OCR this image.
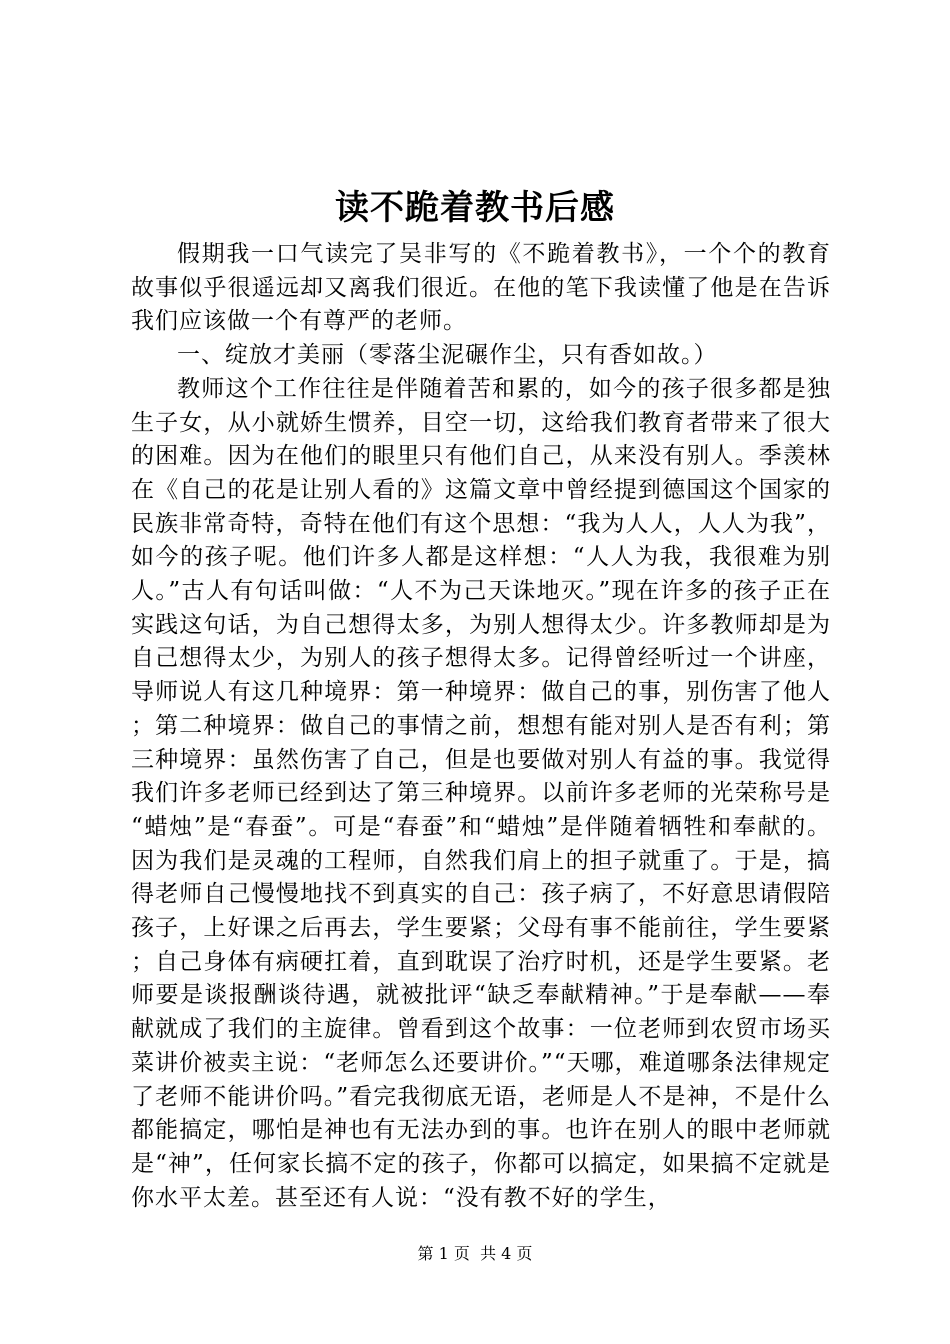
读不跪着教书后感

假期我一口气读完了吴非写的《不跪着教书》，一个个的教育故事似乎很遥远却又离我们很近。在他的笔下我读懂了他是在告诉我们应该做一个有尊严的老师。

一、绽放才美丽（零落尘泥碾作尘，只有香如故。）

教师这个工作往往是伴随着苦和累的，如今的孩子很多都是独生子女，从小就娇生惯养，目空一切，这给我们教育者带来了很大的困难。因为在他们的眼里只有他们自己，从来没有别人。季羡林在《自己的花是让别人看的》这篇文章中曾经提到德国这个国家的民族非常奇特，奇特在他们有这个思想：“我为人人，人人为我”，如今的孩子呢。他们许多人都是这样想：“人人为我，我很难为别人。”古人有句话叫做：“人不为己天诛地灭。”现在许多的孩子正在实践这句话，为自己想得太多，为别人想得太少。许多教师却是为自己想得太少，为别人的孩子想得太多。记得曾经听过一个讲座，导师说人有这几种境界：第一种境界：做自己的事，别伤害了他人；第二种境界：做自己的事情之前，想想有能对别人是否有利；第三种境界：虽然伤害了自己，但是也要做对别人有益的事。我觉得我们许多老师已经到达了第三种境界。以前许多老师的光荣称号是“蜡烛”是“春蚕”。可是“春蚕”和“蜡烛”是伴随着牺牲和奉献的。因为我们是灵魂的工程师，自然我们肩上的担子就重了。于是，搞得老师自己慢慢地找不到真实的自己：孩子病了，不好意思请假陪孩子，上好课之后再去，学生要紧；父母有事不能前往，学生要紧；自己身体有病硬扛着，直到耽误了治疗时机，还是学生要紧。老师要是谈报酬谈待遇，就被批评“缺乏奉献精神。”于是奉献——奉献就成了我们的主旋律。曾看到这个故事：一位老师到农贸市场买菜讲价被卖主说：“老师怎么还要讲价。”“天哪，难道哪条法律规定了老师不能讲价吗。”看完我彻底无语，老师是人不是神，不是什么都能搞定，哪怕是神也有无法办到的事。也许在别人的眼中老师就是“神”，任何家长搞不定的孩子，你都可以搞定，如果搞不定就是你水平太差。甚至还有人说：“没有教不好的学生，

第 1 页  共 4 页
